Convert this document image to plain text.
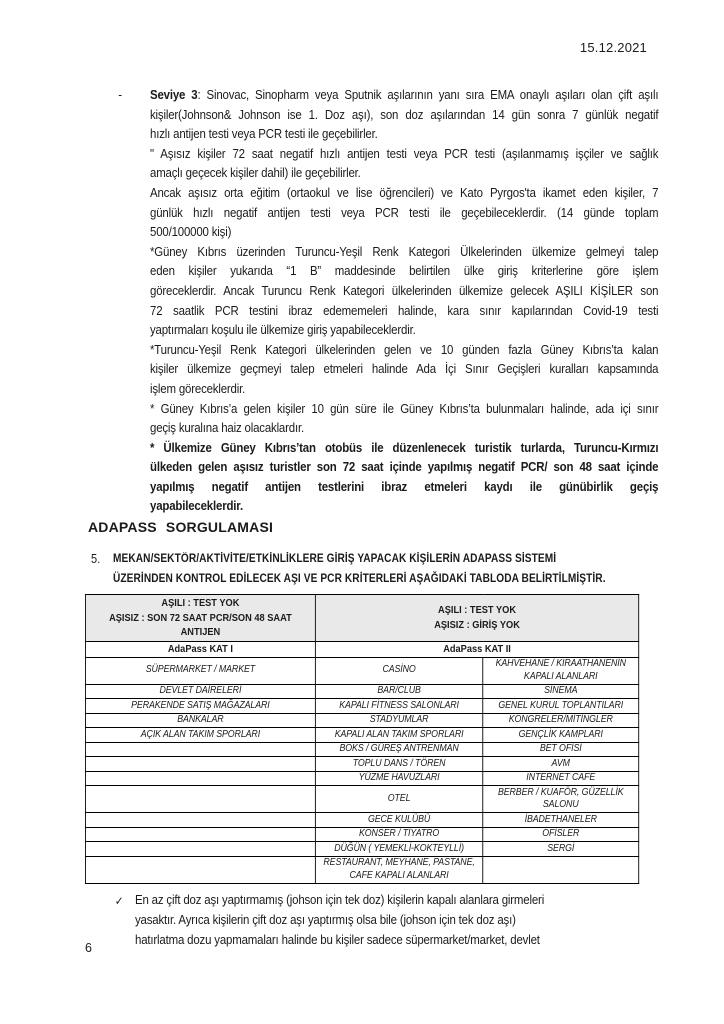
15.12.2021
- Seviye 3: Sinovac, Sinopharm veya Sputnik aşılarının yanı sıra EMA onaylı aşıları olan çift aşılı
kişiler(Johnson& Johnson ise 1. Doz aşı), son doz aşılarından 14 gün sonra 7 günlük negatif
hızlı antijen testi veya PCR testi ile geçebilirler.
" Aşısız kişiler 72 saat negatif hızlı antijen testi veya PCR testi (aşılanmamış işçiler ve sağlık
amaçlı geçecek kişiler dahil) ile geçebilirler.
Ancak aşısız orta eğitim (ortaokul ve lise öğrencileri) ve Kato Pyrgos'ta ikamet eden kişiler, 7
günlük hızlı negatif antijen testi veya PCR testi ile geçebileceklerdir. (14 günde toplam
500/100000 kişi)
*Güney Kıbrıs üzerinden Turuncu-Yeşil Renk Kategori Ülkelerinden ülkemize gelmeyi talep
eden kişiler yukarıda “1 B” maddesinde belirtilen ülke giriş kriterlerine göre işlem
göreceklerdir. Ancak Turuncu Renk Kategori ülkelerinden ülkemize gelecek AŞILI KİŞİLER son
72 saatlik PCR testini ibraz edememeleri halinde, kara sınır kapılarından Covid-19 testi
yaptırmaları koşulu ile ülkemize giriş yapabileceklerdir.
*Turuncu-Yeşil Renk Kategori ülkelerinden gelen ve 10 günden fazla Güney Kıbrıs’ta kalan
kişiler ülkemize geçmeyi talep etmeleri halinde Ada İçi Sınır Geçişleri kuralları kapsamında
işlem göreceklerdir.
* Güney Kıbrıs’a gelen kişiler 10 gün süre ile Güney Kıbrıs’ta bulunmaları halinde, ada içi sınır
geçiş kuralına haiz olacaklardır.
* Ülkemize Güney Kıbrıs’tan otobüs ile düzenlenecek turistik turlarda, Turuncu-Kırmızı
ülkeden gelen aşısız turistler son 72 saat içinde yapılmış negatif PCR/ son 48 saat içinde
yapılmış negatif antijen testlerini ibraz etmeleri kaydı ile günübirlik geçiş
yapabileceklerdir.
ADAPASS SORGULAMASI
5. MEKAN/SEKTÖR/AKTİVİTE/ETKİNLİKLERE GİRİŞ YAPACAK KİŞİLERİN ADAPASS SİSTEMİ
ÜZERİNDEN KONTROL EDİLECEK AŞI VE PCR KRİTERLERİ AŞAĞIDAKİ TABLODA BELİRTİLMİŞTİR.
AŞILI : TEST YOK
AŞISIZ : SON 72 SAAT PCR/SON 48 SAAT
ANTIJEN

AŞILI : TEST YOK
AŞISIZ : GİRİŞ YOK

AdaPass KAT I	AdaPass KAT II	
SÜPERMARKET / MARKET	CASİNO	KAHVEHANE / KIRAATHANENİN KAPALI ALANLARI
DEVLET DAİRELERİ	BAR/CLUB	SİNEMA
PERAKENDE SATIŞ MAĞAZALARI	KAPALI FİTNESS SALONLARI	GENEL KURUL TOPLANTILARI
BANKALAR	STADYUMLAR	KONGRELER/MİTİNGLER
AÇIK ALAN TAKIM SPORLARI	KAPALI ALAN TAKIM SPORLARI	GENÇLİK KAMPLARI
	BOKS / GÜREŞ ANTRENMAN	BET OFİSİ
	TOPLU DANS / TÖREN	AVM
	YÜZME HAVUZLARI	INTERNET CAFE
	OTEL	BERBER / KUAFÖR, GÜZELLİK SALONU
	GECE KULÜBÜ	İBADETHANELER
	KONSER / TİYATRO	OFİSLER
	DÜĞÜN ( YEMEKLİ-KOKTEYLLİ)	SERGİ
	RESTAURANT, MEYHANE, PASTANE, CAFE KAPALI ALANLARI	
✓ En az çift doz aşı yaptırmamış (johson için tek doz) kişilerin kapalı alanlara girmeleri
yasaktır. Ayrıca kişilerin çift doz aşı yaptırmış olsa bile (johson için tek doz aşı)
hatırlatma dozu yapmamaları halinde bu kişiler sadece süpermarket/market, devlet
6
